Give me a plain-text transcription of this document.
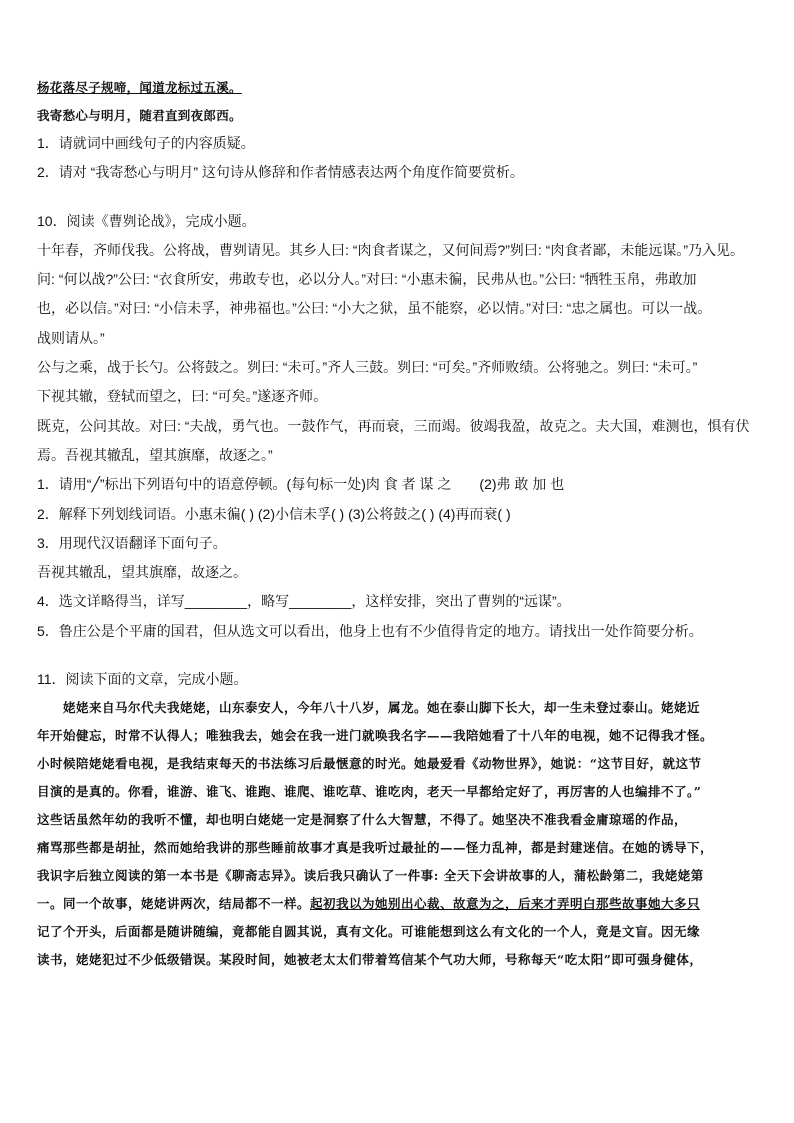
杨花落尽子规啼，闻道龙标过五溪。
我寄愁心与明月，随君直到夜郎西。
1．请就词中画线句子的内容质疑。
2．请对 “我寄愁心与明月” 这句诗从修辞和作者情感表达两个角度作简要赏析。
10．阅读《曹刿论战》，完成小题。
十年春，齐师伐我。公将战，曹刿请见。其乡人曰: “肉食者谋之，又何间焉?”刿曰: “肉食者鄙，未能远谋。”乃入见。
问: “何以战?”公曰: “衣食所安，弗敢专也，必以分人。”对曰: “小惠未徧，民弗从也。”公曰: “牺牲玉帛，弗敢加
也，必以信。”对曰: “小信未孚，神弗福也。”公曰: “小大之狱，虽不能察，必以情。”对曰: “忠之属也。可以一战。
战则请从。”
公与之乘，战于长勺。公将鼓之。刿曰: “未可。”齐人三鼓。刿曰: “可矣。”齐师败绩。公将驰之。刿曰: “未可。”
下视其辙，登轼而望之，曰: “可矣。”遂逐齐师。
既克，公问其故。对曰: “夫战，勇气也。一鼓作气，再而衰，三而竭。彼竭我盈，故克之。夫大国，难测也，惧有伏
焉。吾视其辙乱，望其旗靡，故逐之。”
1．请用“╱”标出下列语句中的语意停顿。(每句标一处)肉 食 者 谋 之　　(2)弗 敢 加 也
2．解释下列划线词语。小惠未徧( ) (2)小信未孚( ) (3)公将鼓之( ) (4)再而衰( )
3．用现代汉语翻译下面句子。
吾视其辙乱，望其旗靡，故逐之。
4．选文详略得当，详写________，略写________，这样安排，突出了曹刿的“远谋”。
5．鲁庄公是个平庸的国君，但从选文可以看出，他身上也有不少值得肯定的地方。请找出一处作简要分析。
11．阅读下面的文章，完成小题。
姥姥来自马尔代夫我姥姥，山东泰安人，今年八十八岁，属龙。她在泰山脚下长大，却一生未登过泰山。姥姥近
年开始健忘，时常不认得人；唯独我去，她会在我一进门就唤我名字——我陪她看了十八年的电视，她不记得我才怪。
小时候陪姥姥看电视，是我结束每天的书法练习后最惬意的时光。她最爱看《动物世界》，她说：“这节目好，就这节
目演的是真的。你看，谁游、谁飞、谁跑、谁爬、谁吃草、谁吃肉，老天一早都给定好了，再厉害的人也编排不了。”
这些话虽然年幼的我听不懂，却也明白姥姥一定是洞察了什么大智慧，不得了。她坚决不准我看金庸琼瑶的作品，
痛骂那些都是胡扯，然而她给我讲的那些睡前故事才真是我听过最扯的——怪力乱神，都是封建迷信。在她的诱导下，
我识字后独立阅读的第一本书是《聊斋志异》。读后我只确认了一件事: 全天下会讲故事的人，蒲松龄第二，我姥姥第
一。同一个故事，姥姥讲两次，结局都不一样。起初我以为她别出心裁、故意为之，后来才弄明白那些故事她大多只
记了个开头，后面都是随讲随编，竟都能自圆其说，真有文化。可谁能想到这么有文化的一个人，竟是文盲。因无缘
读书，姥姥犯过不少低级错误。某段时间，她被老太太们带着笃信某个气功大师，号称每天“吃太阳”即可强身健体，
